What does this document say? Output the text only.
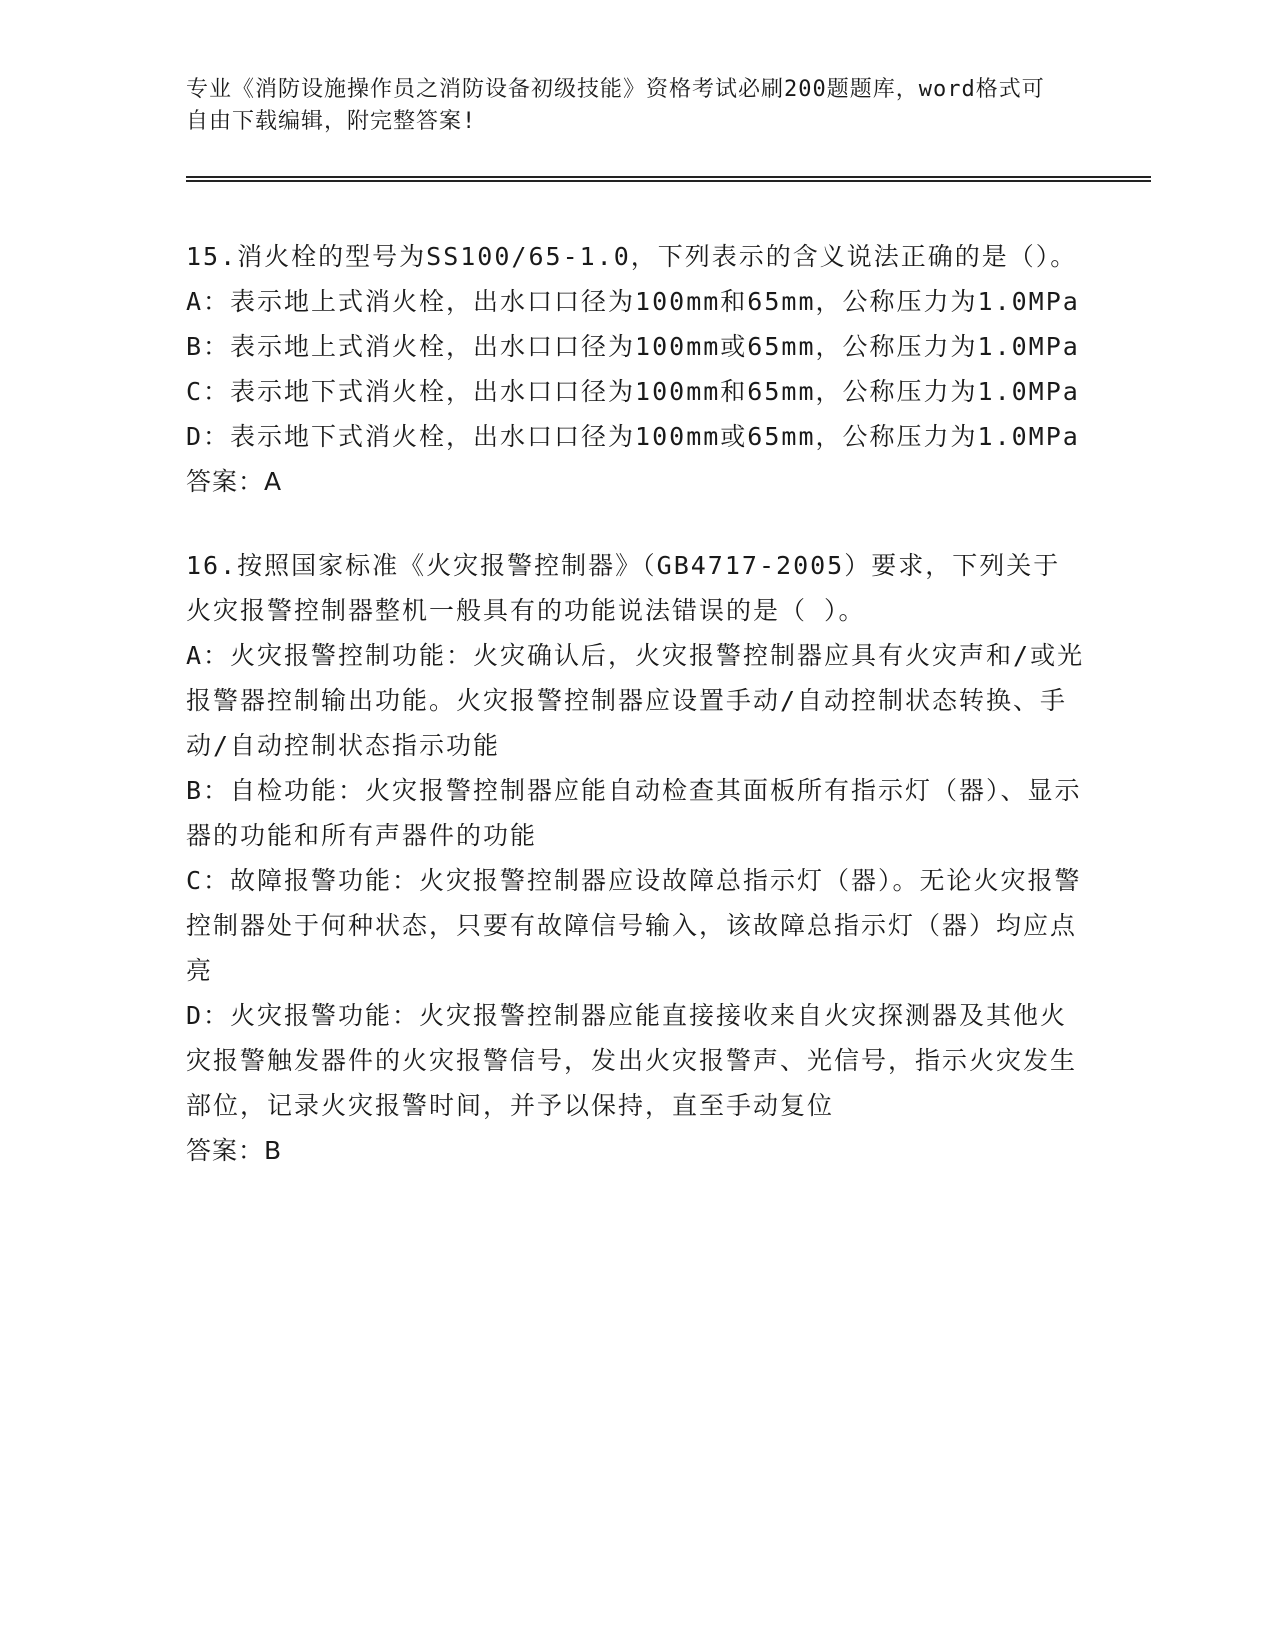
专业《消防设施操作员之消防设备初级技能》资格考试必刷200题题库，word格式可自由下载编辑，附完整答案!

15.消火栓的型号为SS100/65-1.0，下列表示的含义说法正确的是（）。

A：表示地上式消火栓，出水口口径为100mm和65mm，公称压力为1.0MPa

B：表示地上式消火栓，出水口口径为100mm或65mm，公称压力为1.0MPa

C：表示地下式消火栓，出水口口径为100mm和65mm，公称压力为1.0MPa

D：表示地下式消火栓，出水口口径为100mm或65mm，公称压力为1.0MPa

答案：A

16.按照国家标准《火灾报警控制器》（GB4717-2005）要求，下列关于火灾报警控制器整机一般具有的功能说法错误的是（ ）。

A：火灾报警控制功能：火灾确认后，火灾报警控制器应具有火灾声和/或光报警器控制输出功能。火灾报警控制器应设置手动/自动控制状态转换、手动/自动控制状态指示功能

B：自检功能：火灾报警控制器应能自动检查其面板所有指示灯（器）、显示器的功能和所有声器件的功能

C：故障报警功能：火灾报警控制器应设故障总指示灯（器）。无论火灾报警控制器处于何种状态，只要有故障信号输入，该故障总指示灯（器）均应点亮

D：火灾报警功能：火灾报警控制器应能直接接收来自火灾探测器及其他火灾报警触发器件的火灾报警信号，发出火灾报警声、光信号，指示火灾发生部位，记录火灾报警时间，并予以保持，直至手动复位

答案：B
